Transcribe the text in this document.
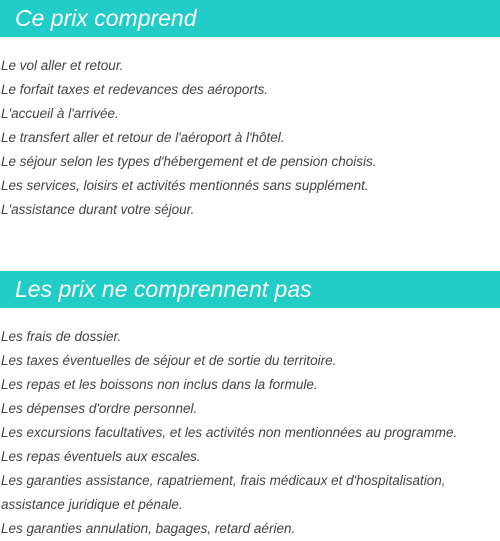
Ce prix comprend
Le vol aller et retour.
Le forfait taxes et redevances des aéroports.
L'accueil à l'arrivée.
Le transfert aller et retour de l'aéroport à l'hôtel.
Le séjour selon les types d'hébergement et de pension choisis.
Les services, loisirs et activités mentionnés sans supplément.
L'assistance durant votre séjour.
Les prix ne comprennent pas
Les frais de dossier.
Les taxes éventuelles de séjour et de sortie du territoire.
Les repas et les boissons non inclus dans la formule.
Les dépenses d'ordre personnel.
Les excursions facultatives, et les activités non mentionnées au programme.
Les repas éventuels aux escales.
Les garanties assistance, rapatriement, frais médicaux et d'hospitalisation,
assistance juridique et pénale.
Les garanties annulation, bagages, retard aérien.
